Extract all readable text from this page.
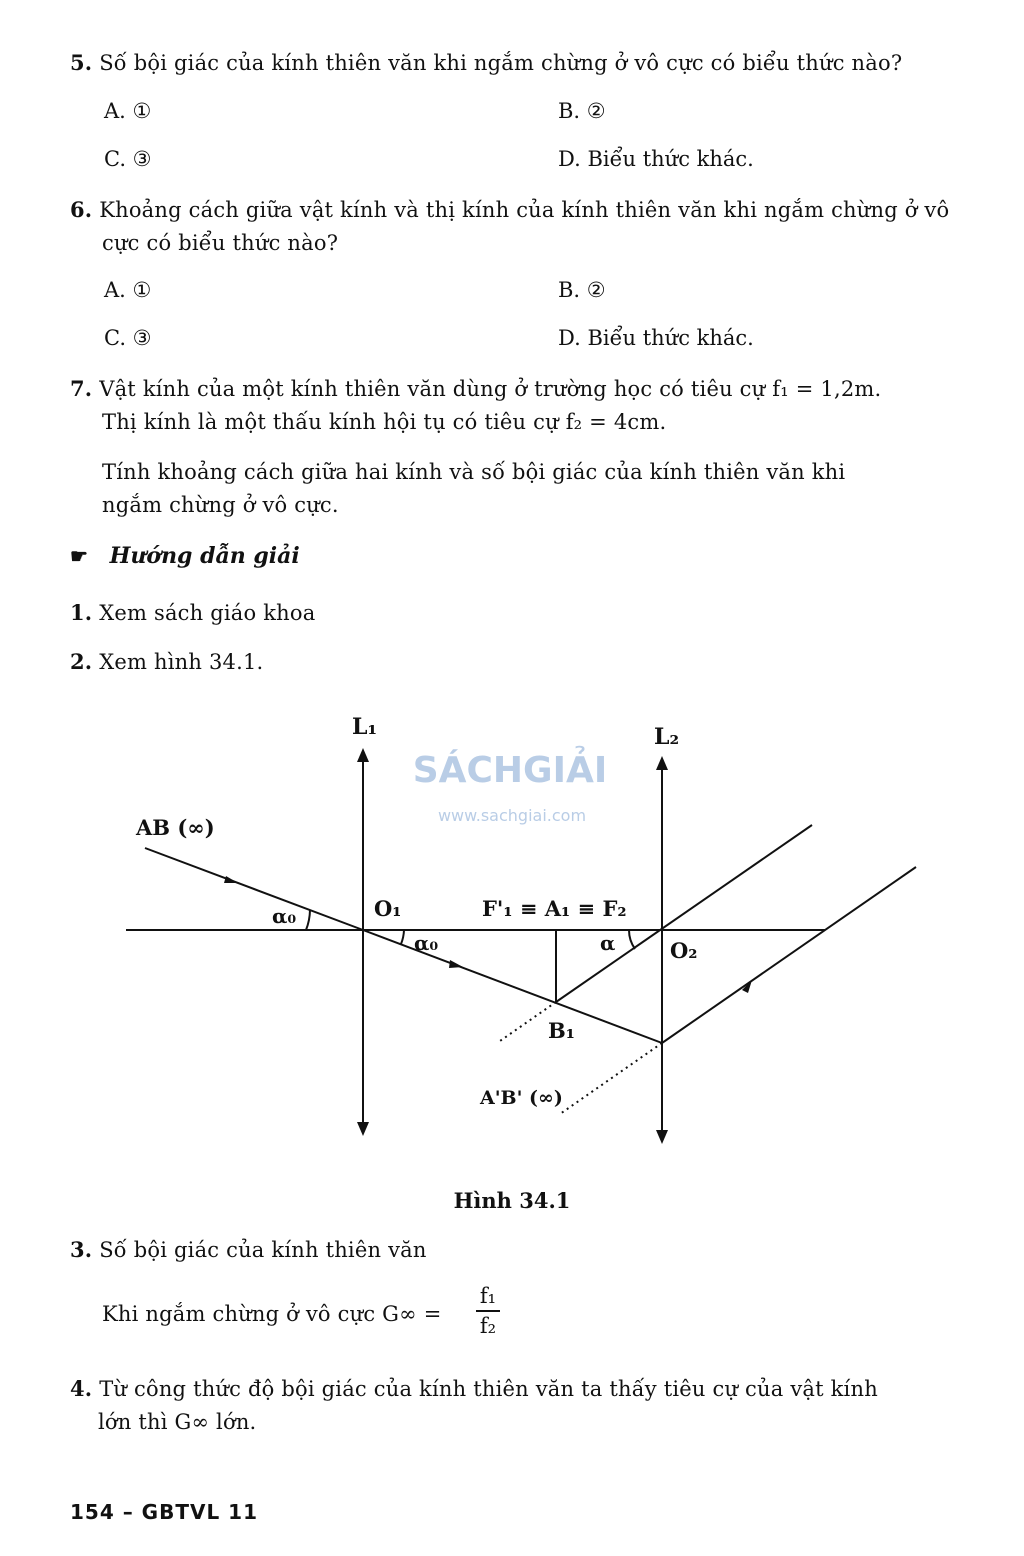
5. Số bội giác của kính thiên văn khi ngắm chừng ở vô cực có biểu thức nào?
A. ①	B. ②
C. ③	D. Biểu thức khác.
6. Khoảng cách giữa vật kính và thị kính của kính thiên văn khi ngắm chừng ở vô
cực có biểu thức nào?
A. ①	B. ②
C. ③	D. Biểu thức khác.
7. Vật kính của một kính thiên văn dùng ở trường học có tiêu cự f₁ = 1,2m.
Thị kính là một thấu kính hội tụ có tiêu cự f₂ = 4cm.
Tính khoảng cách giữa hai kính và số bội giác của kính thiên văn khi
ngắm chừng ở vô cực.
☛ Hướng dẫn giải
1. Xem sách giáo khoa
2. Xem hình 34.1.
SÁCHGIẢI
www.sachgiai.com
L₁	L₂
AB (∞)
α₀	O₁	F'₁ ≡ A₁ ≡ F₂
α₀	α	O₂
B₁
A'B' (∞)
Hình 34.1
3. Số bội giác của kính thiên văn
Khi ngắm chừng ở vô cực G∞ =
f₁
f₂
4. Từ công thức độ bội giác của kính thiên văn ta thấy tiêu cự của vật kính
lớn thì G∞ lớn.
154 – GBTVL 11
